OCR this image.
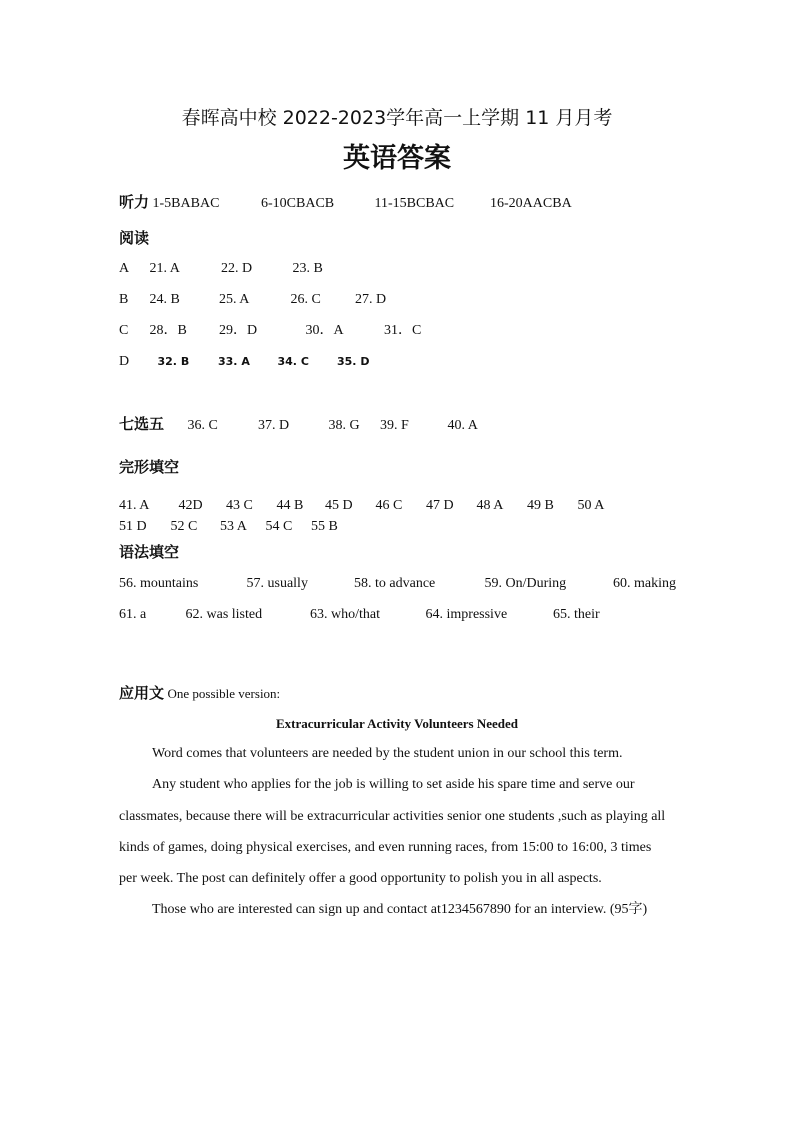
春晖高中校 2022-2023学年高一上学期 11 月月考
英语答案
听力 1-5BABAC	6-10CBACB	11-15BCBAC	16-20AACBA
阅读
A 21. A	22. D	23. B
B 24. B	25. A	26. C 27. D
C 28．B 29．D	30．A	31．C
D	32. B	33. A	34. C	35. D
七选五 36. C	37. D	38. G 39. F	40. A
完形填空
41. A 42D 43 C 44 B 45 D 46 C 47 D 48 A 49 B 50 A
51 D 52 C 53 A 54 C 55 B
语法填空
56. mountains	57. usually	58. to advance	59. On/During	60. making
61. a	62. was listed	63. who/that	64. impressive	65. their
应用文 One possible version:
Extracurricular Activity Volunteers Needed

Word comes that volunteers are needed by the student union in our school this term.

Any student who applies for the job is willing to set aside his spare time and serve our classmates, because there will be extracurricular activities senior one students ,such as playing all kinds of games, doing physical exercises, and even running races, from 15:00 to 16:00, 3 times per week. The post can definitely offer a good opportunity to polish you in all aspects.

Those who are interested can sign up and contact at1234567890 for an interview. (95字)
